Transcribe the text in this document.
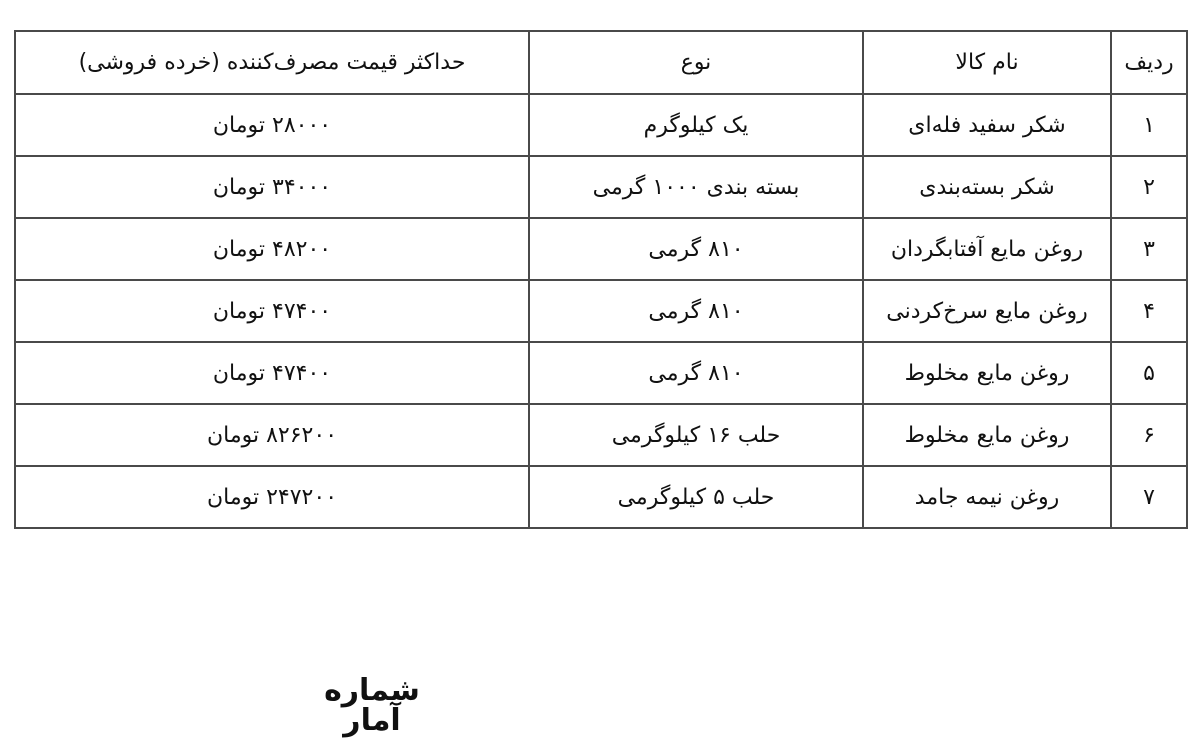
ردیف	نام کالا	نوع	حداکثر قیمت مصرف‌کننده (خرده فروشی)
۱	شکر سفید فله‌ای	یک کیلوگرم	۲۸۰۰۰ تومان
۲	شکر بسته‌بندی	بسته بندی ۱۰۰۰ گرمی	۳۴۰۰۰ تومان
۳	روغن مایع آفتابگردان	۸۱۰ گرمی	۴۸۲۰۰ تومان
۴	روغن مایع سرخ‌کردنی	۸۱۰ گرمی	۴۷۴۰۰ تومان
۵	روغن مایع مخلوط	۸۱۰ گرمی	۴۷۴۰۰ تومان
۶	روغن مایع مخلوط	حلب ۱۶ کیلوگرمی	۸۲۶۲۰۰ تومان
۷	روغن نیمه جامد	حلب ۵ کیلوگرمی	۲۴۷۲۰۰ تومان
شماره آمار
